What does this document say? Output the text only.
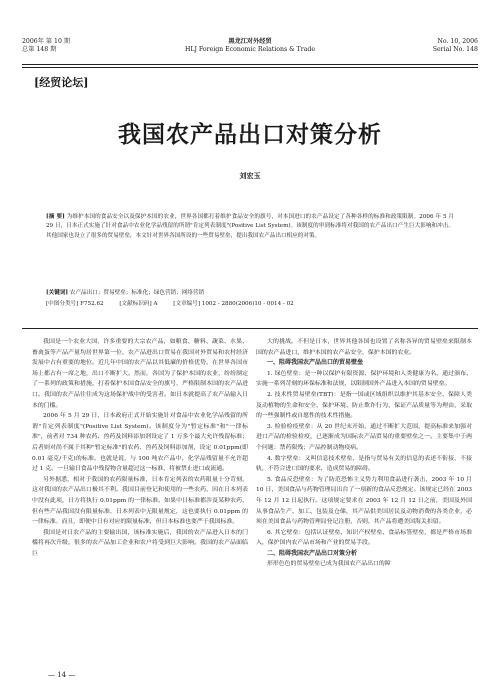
2006年 第 10 期
总第 148 期
黑龙江对外经贸
HLJ Foreign Economic Relations & Trade
No. 10, 2006
Serial No. 148
[经贸论坛]
我国农产品出口对策分析
刘宏玉
[摘 要] 为维护本国的食品安全以及保护本国的农业，世界各国都打着维护食品安全的旗号，对本国进口的农产品设定了各种各样的标准和政策限制。2006 年 5 月 29 日，日本正式实施了针对食品中农业化学品残留的所谓"肯定列表制度"(Positive List System)。该制度的审到标准将对我国的农产品出口产生巨大影响和冲击。其他国家也设立了很多的贸易壁垒，本文针对世界各国所设的一些贸易壁垒，提出我国农产品出口相应的对策。
[关键词] 农产品出口；贸易壁垒；标准化；绿色营销；网络营销
[中图分类号] F752.62	[文献标识码] A	[文章编号] 1002 - 2880(2006)10 - 0014 - 02

我国是一个农业大国，许多重要的大宗农产品，如粮食、糖料、蔬菜、水果、畜禽蛋等产品产量均居世界第一位，农产品进出口贸易在我国对外贸易和农村经济发展中占有重要的地位。近几年中国的农产品以其低廉的价格优势，在世界各国市场上都占有一席之地，出口不断扩大。然而，各国为了保护本国的农业，纷纷制定了一系列的政策和措施，打着保护本国食品安全的旗号，严格限制本国的农产品进口。我国的农产品往往成为这场保护战中的受害者。如日本就提高了农产品输入日本的门槛。

2006 年 5 月 29 日，日本政府正式开始实施针对食品中农业化学品残留的所谓"肯定列表制度"(Positive List System)。该制度分为"暂定标准"和"一律标准"，前者对 734 种农药、兽药及饲料添加剂设定了 1 万多个最大允许残留标准；后者则对尚不属于其种"暂定标准"的农药、兽药及饲料添加剂，设定 0.01ppm(即 0.01 毫克/千克)的标准。也就是说，与 100 吨农产品中，化学品残留量不允许超过 1 克。一旦输日食品中残留物含量超过这一标准，将被禁止进口或流通。

另外据悉，相对于我国的农药限量标准，日本肯定列表的农药限量十分苛刻，这对我国的农产品出口极其不利。我国目前登记和使用的一些农药，因在日本列表中没有此项，日方将执行 0.01ppm 的一律标准。如果中日标准都涉及某种农药，但有些产品我国没有限量标准，日本列表中无限量规定，这也要执行 0.01ppm 的一律标准。而且，即便中日有对应的限量标准，但日本标准也要严于我国标准。

我国是对日农产品的主要输出国，该标准实施后，我国的农产品进入日本的门槛将再次升级。很多的农产品加工企业和农户将受到巨大影响。我国的农产品面临巨

大的挑战。不但是日本，世界其他各国也设置了名称各异的贸易壁垒来限制本国的农产品进口，维护本国的农产品安全，保护本国的农业。

一、阻碍我国农产品出口的贸易壁垒

1. 绿色壁垒：是一种以保护有限资源、保护环境和人类健康为名，通过颁布、实施一系列苛刻的环保标准和法规，以限制国外产品进入本国的贸易壁垒。

2. 技术性贸易壁垒(TBT)：是指一国或区域组织以维护其基本安全、保障人类及动植物的生命和安全、保护环境、防止欺诈行为、保证产品质量等为理由，采取的一些强制性或自愿性的技术性措施。

3. 检验检疫壁垒：从 20 世纪末开始，通过不断扩大范围，提高标准来加强对进口产品的检验检疫，已逐渐成为国际农产品贸易的重要壁垒之一。主要集中于两个问题：禁药限残；产品控制动物疫病。

4. 数字壁垒：又叫信息技术壁垒，是指与贸易有关的信息的表述不衔接，不接轨，不符合进口国的要求，造成贸易的障碍。

5. 食品反恐壁垒：为了防范恐怖主义势力利用食品进行袭击，2003 年 10 月 10 日，美国食品与药物管理局出台了一项新的食品反恐规定。该规定已经在 2003 年 12 月 12 日起执行。这项规定要求在 2003 年 12 月 12 日之前，美国及外国从事食品生产、加工、包装及仓储，其产品供美国居民及动物消费的各类企业，必须在美国食品与药物管理局登记注册，否则，其产品将遭美国海关扣留。

6. 其它壁垒：包括认证壁垒、知识产权壁垒、食品标签壁垒，都是严格市场准入，保护国内农产品市场和产业的贸易手段。

二、阻碍我国农产品出口对策分析

形形色色的贸易壁垒已成为我国农产品出口的障

— 14 —
